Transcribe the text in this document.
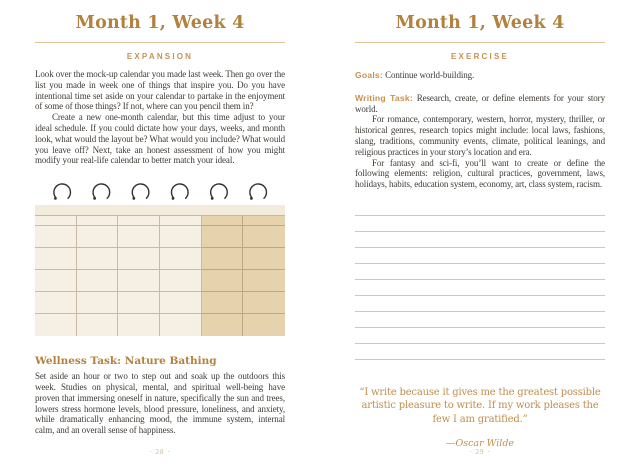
Month 1, Week 4
EXPANSION

Look over the mock-up calendar you made last week. Then go over the list you made in week one of things that inspire you. Do you have intentional time set aside on your calendar to partake in the enjoyment of some of those things? If not, where can you pencil them in?

Create a new one-month calendar, but this time adjust to your ideal schedule. If you could dictate how your days, weeks, and month look, what would the layout be? What would you include? What would you leave off? Next, take an honest assessment of how you might modify your real-life calendar to better match your ideal.

Wellness Task: Nature Bathing

Set aside an hour or two to step out and soak up the outdoors this week. Studies on physical, mental, and spiritual well-being have proven that immersing oneself in nature, specifically the sun and trees, lowers stress hormone levels, blood pressure, loneliness, and anxiety, while dramatically enhancing mood, the immune system, internal calm, and an overall sense of happiness.

· 28 ·
Month 1, Week 4
EXERCISE

Goals: Continue world-building.

Writing Task: Research, create, or define elements for your story world.

For romance, contemporary, western, horror, mystery, thriller, or historical genres, research topics might include: local laws, fashions, slang, traditions, community events, climate, political leanings, and religious practices in your story’s location and era.

For fantasy and sci-fi, you’ll want to create or define the following elements: religion, cultural practices, government, laws, holidays, habits, education system, economy, art, class system, racism.

“I write because it gives me the greatest possible artistic pleasure to write. If my work pleases the few I am gratified.”
—Oscar Wilde
· 29 ·
